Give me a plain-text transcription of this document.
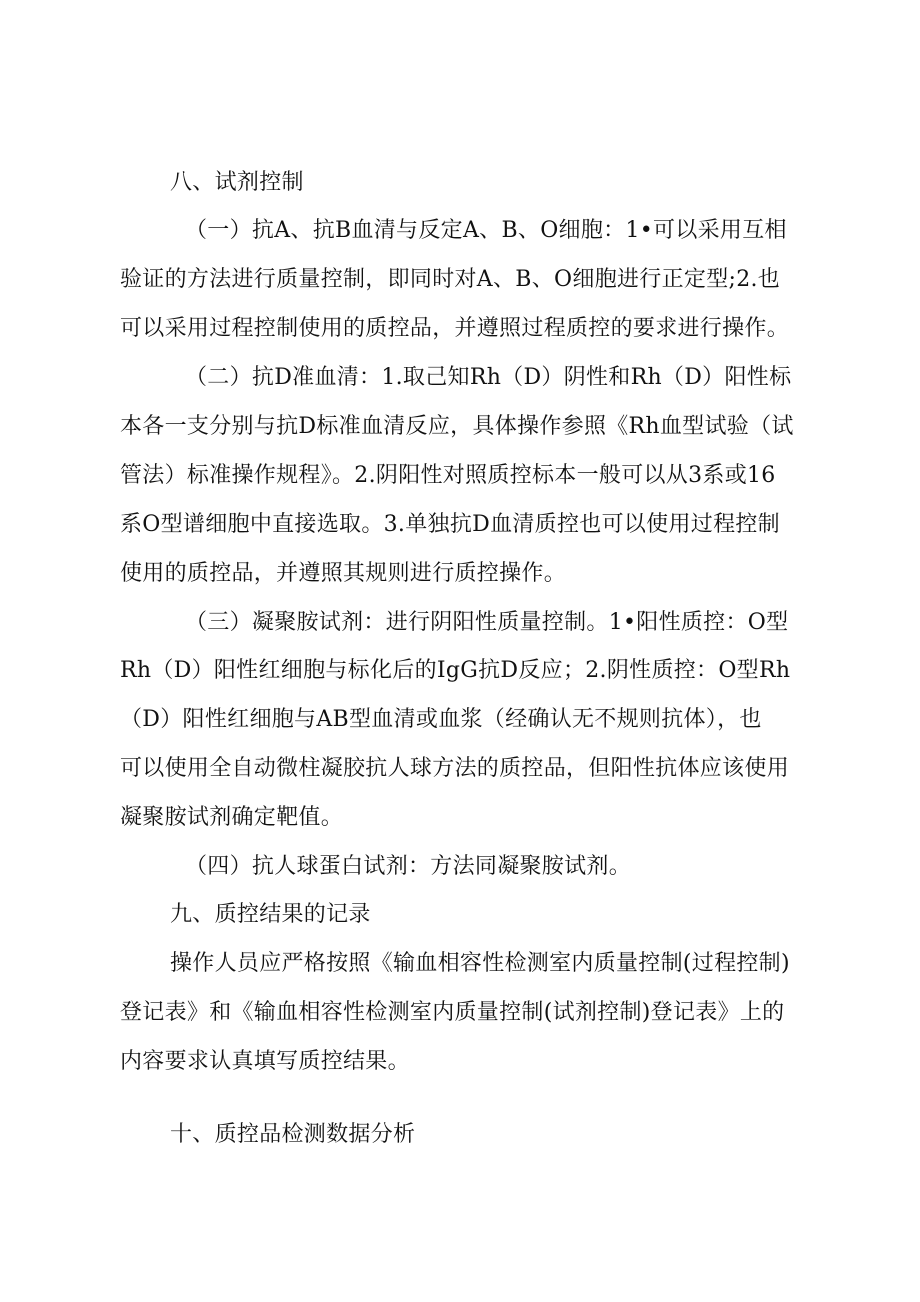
八、试剂控制
（一）抗A、抗B血清与反定A、B、O细胞：1•可以采用互相
验证的方法进行质量控制，即同时对A、B、O细胞进行正定型;2.也
可以采用过程控制使用的质控品，并遵照过程质控的要求进行操作。
（二）抗D准血清：1.取己知Rh（D）阴性和Rh（D）阳性标
本各一支分别与抗D标准血清反应，具体操作参照《Rh血型试验（试
管法）标准操作规程》。2.阴阳性对照质控标本一般可以从3系或16
系O型谱细胞中直接选取。3.单独抗D血清质控也可以使用过程控制
使用的质控品，并遵照其规则进行质控操作。
（三）凝聚胺试剂：进行阴阳性质量控制。1•阳性质控：O型
Rh（D）阳性红细胞与标化后的IgG抗D反应；2.阴性质控：O型Rh
（D）阳性红细胞与AB型血清或血浆（经确认无不规则抗体），也
可以使用全自动微柱凝胶抗人球方法的质控品，但阳性抗体应该使用
凝聚胺试剂确定靶值。
（四）抗人球蛋白试剂：方法同凝聚胺试剂。
九、质控结果的记录
操作人员应严格按照《输血相容性检测室内质量控制(过程控制)
登记表》和《输血相容性检测室内质量控制(试剂控制)登记表》上的
内容要求认真填写质控结果。
十、质控品检测数据分析
